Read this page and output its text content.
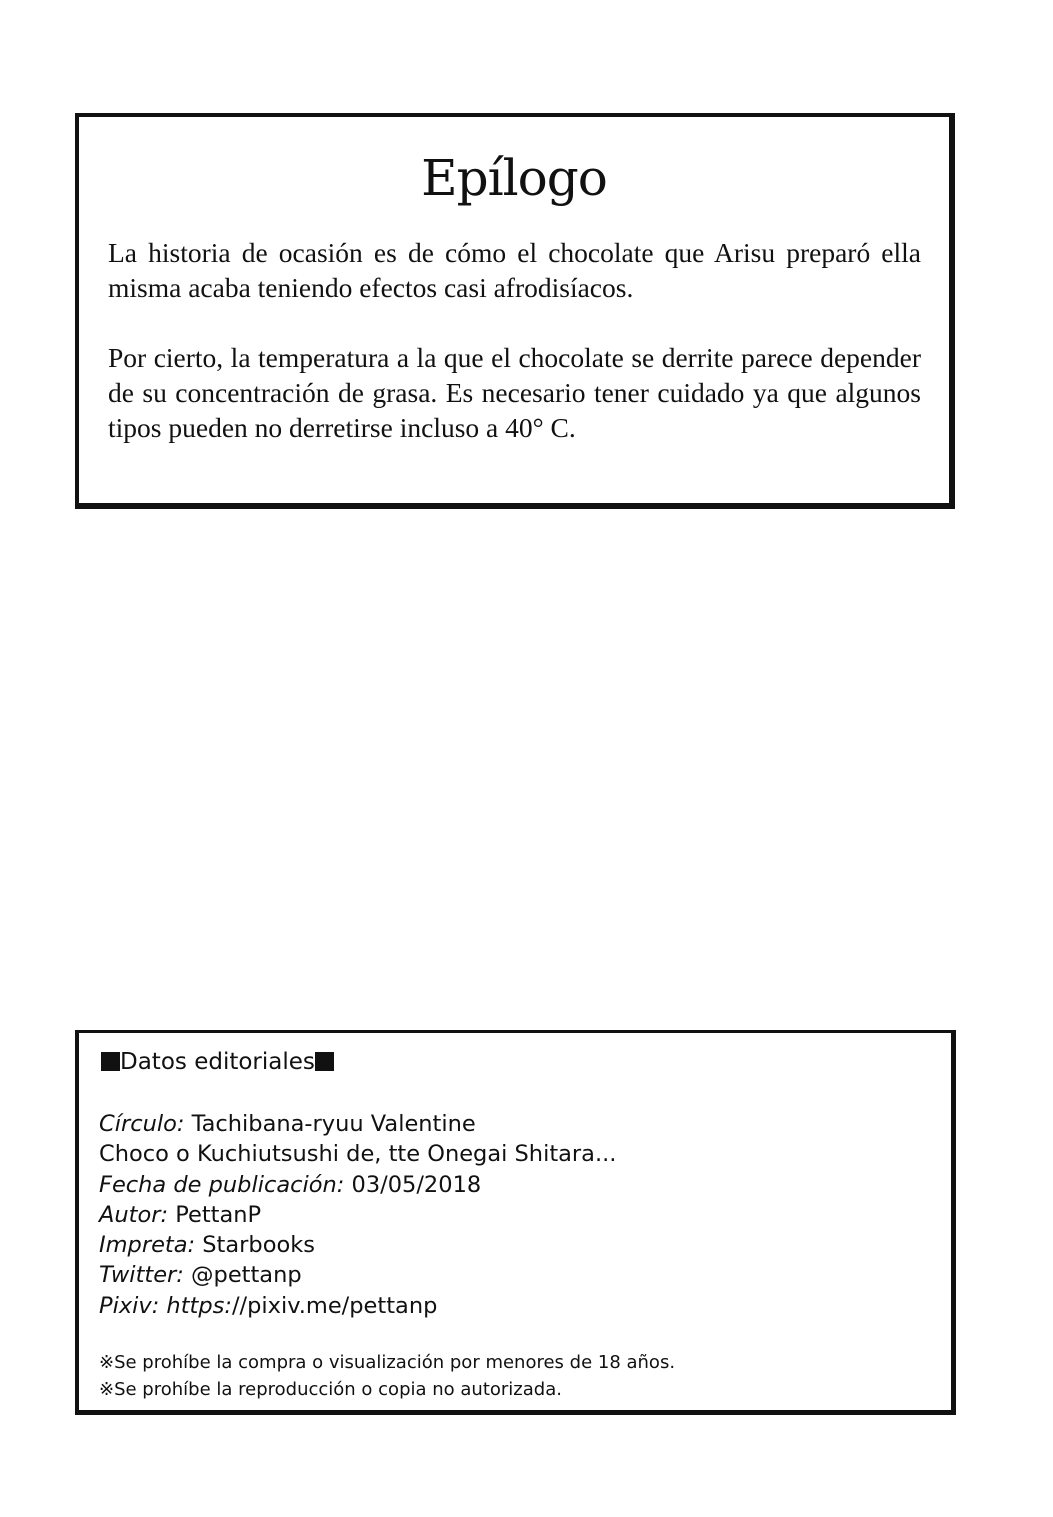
Epílogo

La historia de ocasión es de cómo el chocolate que Arisu preparó ella misma acaba teniendo efectos casi afrodisíacos.

Por cierto, la temperatura a la que el chocolate se derrite parece depender de su concentración de grasa. Es necesario tener cuidado ya que algunos tipos pueden no derretirse incluso a 40° C.

Datos editoriales
Círculo: Tachibana-ryuu Valentine
Choco o Kuchiutsushi de, tte Onegai Shitara...
Fecha de publicación: 03/05/2018
Autor: PettanP
Impreta: Starbooks
Twitter: @pettanp
Pixiv: https://pixiv.me/pettanp
※Se prohíbe la compra o visualización por menores de 18 años.
※Se prohíbe la reproducción o copia no autorizada.
